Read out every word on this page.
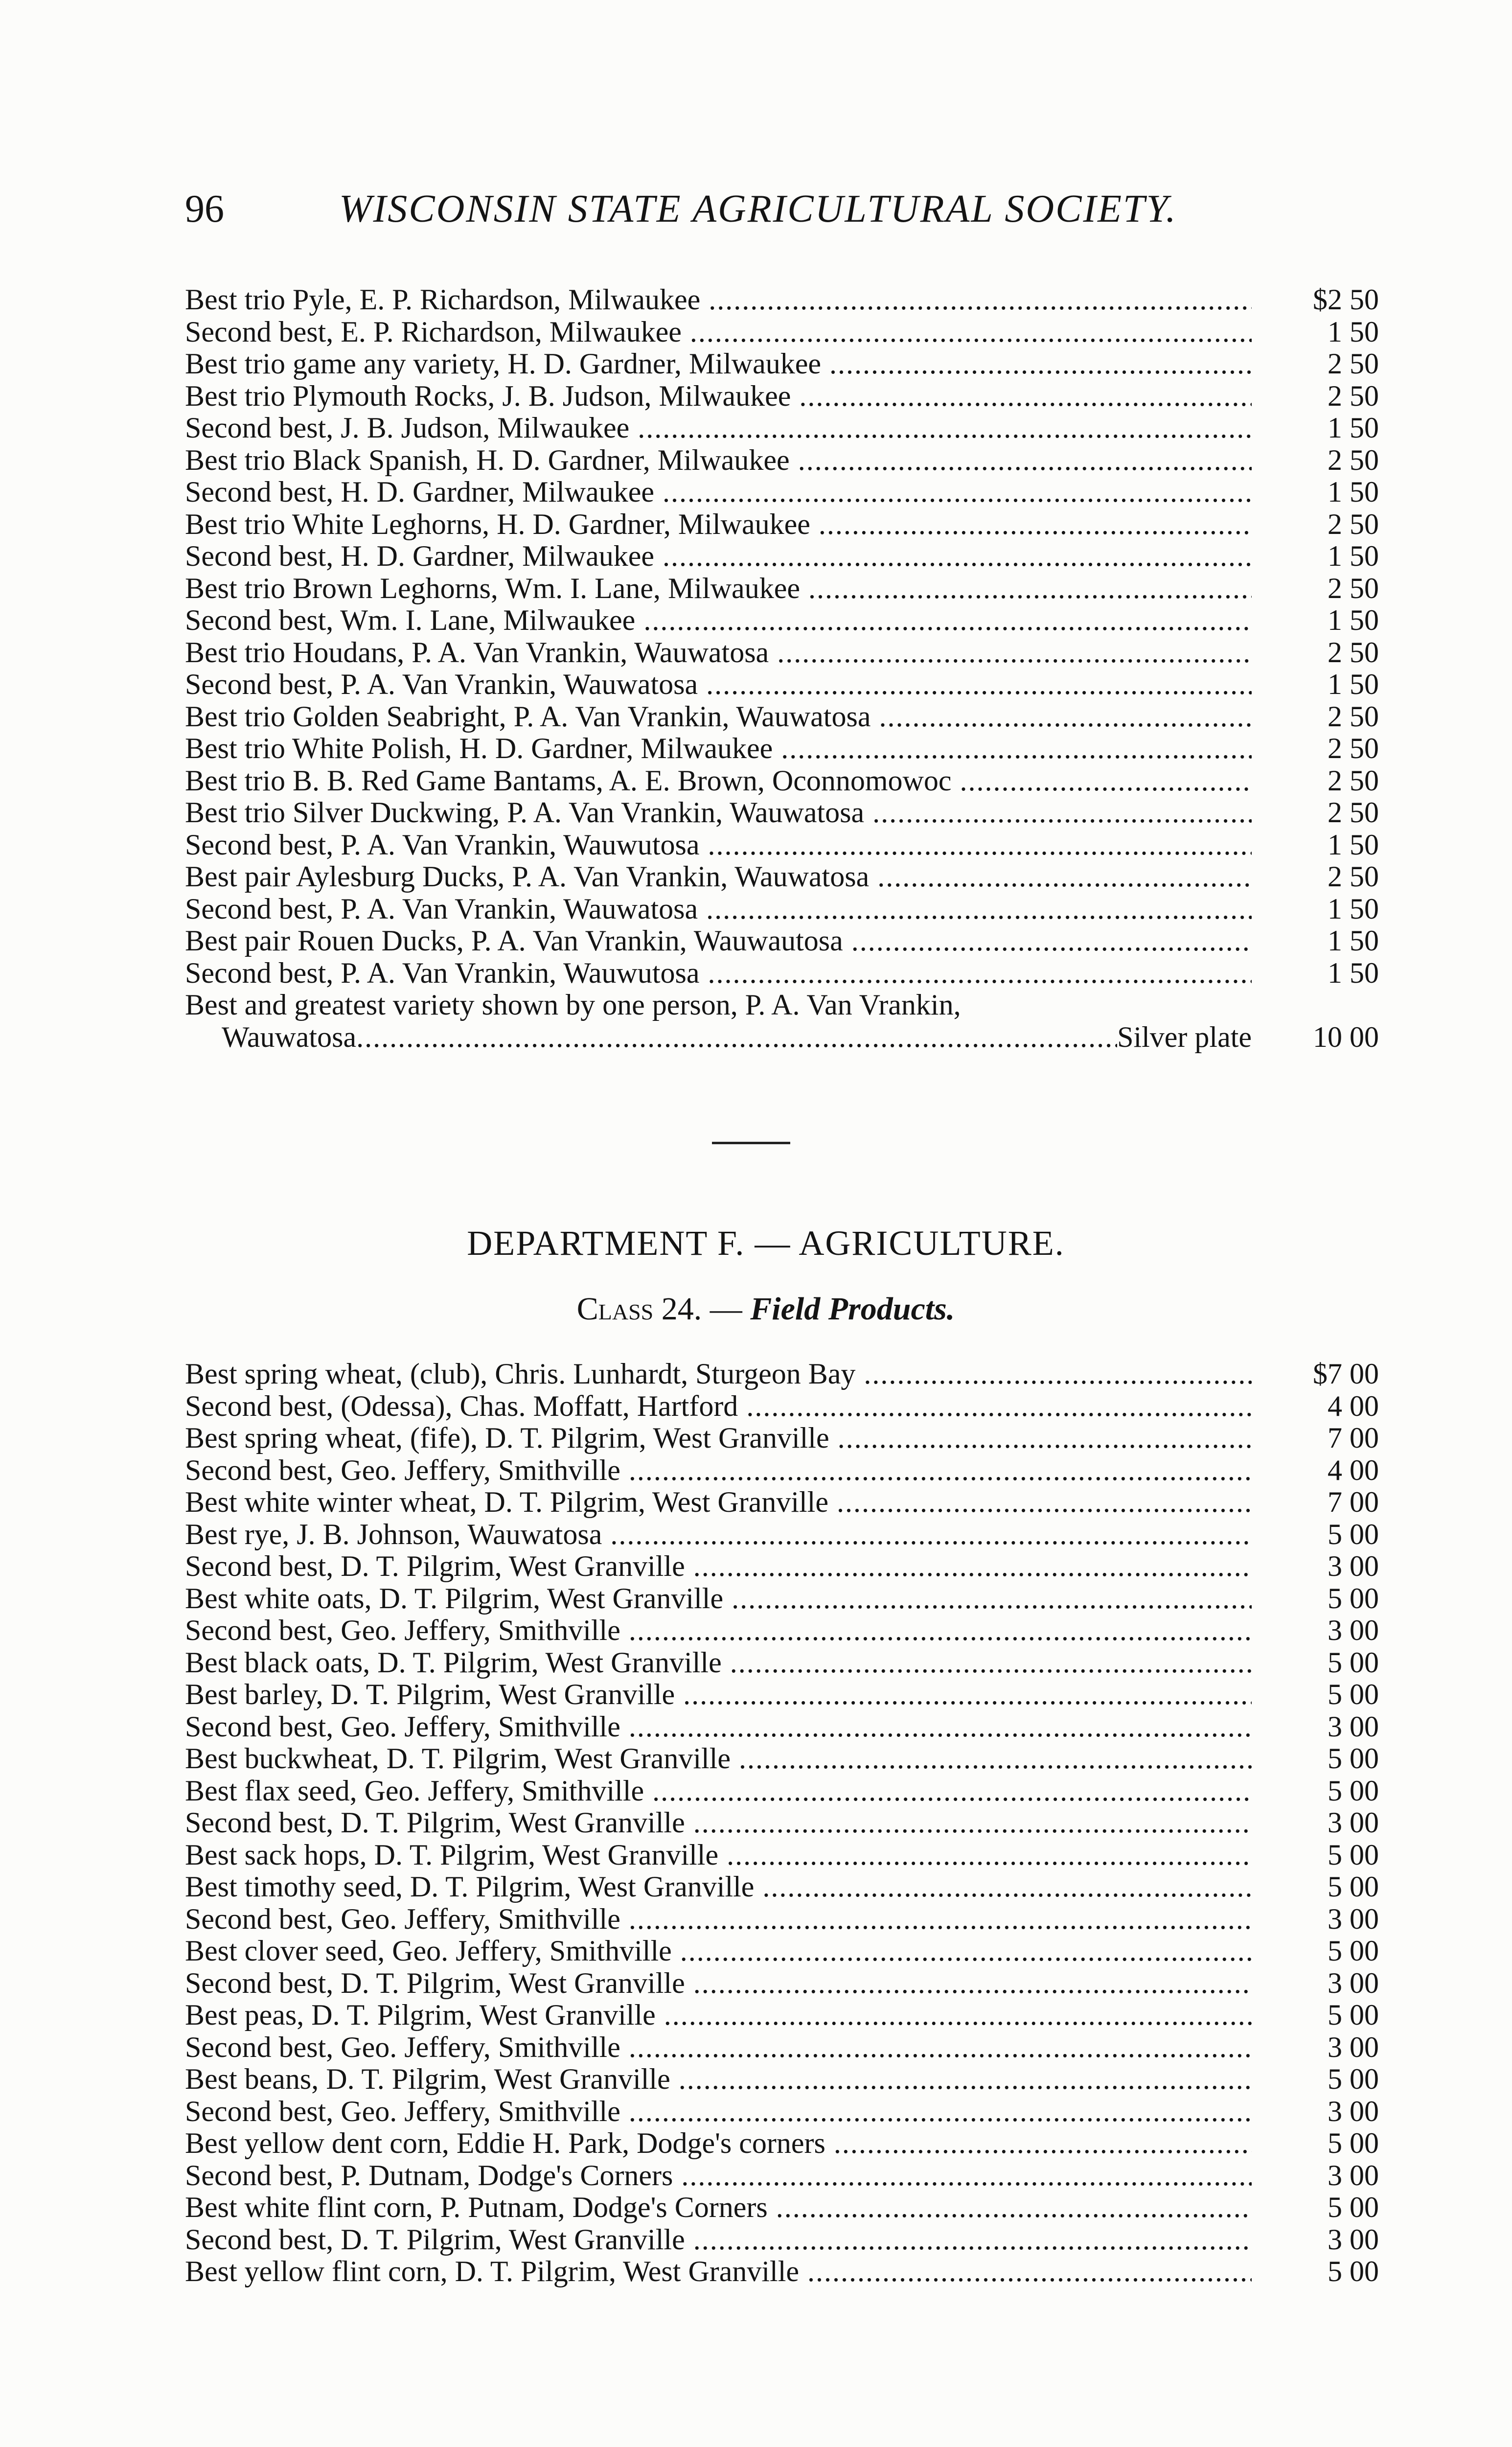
96	WISCONSIN STATE AGRICULTURAL SOCIETY.
Best trio Pyle, E. P. Richardson, Milwaukee .....	$2 50
Second best, E. P. Richardson, Milwaukee .....	1 50
Best trio game any variety, H. D. Gardner, Milwaukee .....	2 50
Best trio Plymouth Rocks, J. B. Judson, Milwaukee .....	2 50
Second best, J. B. Judson, Milwaukee .....	1 50
Best trio Black Spanish, H. D. Gardner, Milwaukee .....	2 50
Second best, H. D. Gardner, Milwaukee .....	1 50
Best trio White Leghorns, H. D. Gardner, Milwaukee .....	2 50
Second best, H. D. Gardner, Milwaukee .....	1 50
Best trio Brown Leghorns, Wm. I. Lane, Milwaukee .....	2 50
Second best, Wm. I. Lane, Milwaukee .....	1 50
Best trio Houdans, P. A. Van Vrankin, Wauwatosa .....	2 50
Second best, P. A. Van Vrankin, Wauwatosa .....	1 50
Best trio Golden Seabright, P. A. Van Vrankin, Wauwatosa .....	2 50
Best trio White Polish, H. D. Gardner, Milwaukee .....	2 50
Best trio B. B. Red Game Bantams, A. E. Brown, Oconnomowoc .....	2 50
Best trio Silver Duckwing, P. A. Van Vrankin, Wauwatosa .....	2 50
Second best, P. A. Van Vrankin, Wauwutosa .....	1 50
Best pair Aylesburg Ducks, P. A. Van Vrankin, Wauwatosa .....	2 50
Second best, P. A. Van Vrankin, Wauwatosa .....	1 50
Best pair Rouen Ducks, P. A. Van Vrankin, Wauwautosa .....	1 50
Second best, P. A. Van Vrankin, Wauwutosa .....	1 50
Best and greatest variety shown by one person, P. A. Van Vrankin,
Wauwatosa
.....	Silver plate	10 00
DEPARTMENT F. — AGRICULTURE.
Class 24. — Field Products.
Best spring wheat, (club), Chris. Lunhardt, Sturgeon Bay .....	$7 00
Second best, (Odessa), Chas. Moffatt, Hartford .....	4 00
Best spring wheat, (fife), D. T. Pilgrim, West Granville .....	7 00
Second best, Geo. Jeffery, Smithville .....	4 00
Best white winter wheat, D. T. Pilgrim, West Granville .....	7 00
Best rye, J. B. Johnson, Wauwatosa .....	5 00
Second best, D. T. Pilgrim, West Granville .....	3 00
Best white oats, D. T. Pilgrim, West Granville .....	5 00
Second best, Geo. Jeffery, Smithville .....	3 00
Best black oats, D. T. Pilgrim, West Granville .....	5 00
Best barley, D. T. Pilgrim, West Granville .....	5 00
Second best, Geo. Jeffery, Smithville .....	3 00
Best buckwheat, D. T. Pilgrim, West Granville .....	5 00
Best flax seed, Geo. Jeffery, Smithville .....	5 00
Second best, D. T. Pilgrim, West Granville .....	3 00
Best sack hops, D. T. Pilgrim, West Granville .....	5 00
Best timothy seed, D. T. Pilgrim, West Granville .....	5 00
Second best, Geo. Jeffery, Smithville .....	3 00
Best clover seed, Geo. Jeffery, Smithville .....	5 00
Second best, D. T. Pilgrim, West Granville .....	3 00
Best peas, D. T. Pilgrim, West Granville .....	5 00
Second best, Geo. Jeffery, Smithville .....	3 00
Best beans, D. T. Pilgrim, West Granville .....	5 00
Second best, Geo. Jeffery, Smithville .....	3 00
Best yellow dent corn, Eddie H. Park, Dodge's corners .....	5 00
Second best, P. Dutnam, Dodge's Corners .....	3 00
Best white flint corn, P. Putnam, Dodge's Corners .....	5 00
Second best, D. T. Pilgrim, West Granville .....	3 00
Best yellow flint corn, D. T. Pilgrim, West Granville .....	5 00
